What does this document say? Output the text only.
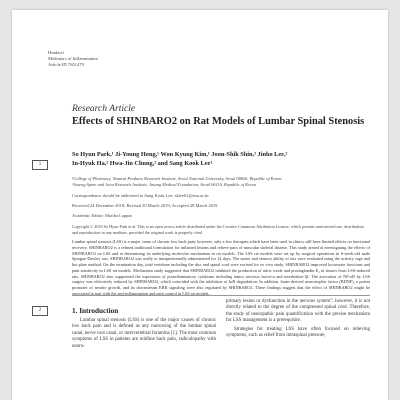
Hindawi
Mediators of Inflammation
Article ID 7651479
1
Research Article
Effects of SHINBARO2 on Rat Models of Lumbar Spinal Stenosis
So Hyun Park,¹ Ji-Young Hong,¹ Won Kyung Kim,¹ Joon-Shik Shin,² Jinho Lee,²
In-Hyuk Ha,² Hwa-Jin Chung,² and Sang Kook Lee¹
¹College of Pharmacy, Natural Products Research Institute, Seoul National University, Seoul 08826, Republic of Korea
²Jaseng Spine and Joint Research Institute, Jaseng Medical Foundation, Seoul 06110, Republic of Korea
Correspondence should be addressed to Sang Kook Lee; sklee61@snu.ac.kr
Received 24 December 2018; Revised 20 March 2019; Accepted 28 March 2019
Academic Editor: Martha Lappas
Copyright © 2019 So Hyun Park et al. This is an open access article distributed under the Creative Commons Attribution License, which permits unrestricted use, distribution, and reproduction in any medium, provided the original work is properly cited.
Lumbar spinal stenosis (LSS) is a major cause of chronic low back pain; however, only a few therapies which have been used in clinics still have limited effects on functional recovery. SHINBARO2 is a refined traditional formulation for inflamed lesions and relieve pain of muscular skeletal disease. This study aimed at investigating the effects of SHINBARO2 on LSS and at determining its underlying molecular mechanism in rat models. The LSS rat models were set up by surgical operations in 6-week-old male Sprague-Dawley rats. SHINBARO2 was orally or intraperitoneally administered for 14 days. The motor and sensory ability of rats were evaluated using the activity cage and hot plate method. On the termination day, total vertebrae including the disc and spinal cord were excised for ex vivo study. SHINBARO2 improved locomotor functions and pain sensitivity in LSS rat models. Mechanism study suggested that SHINBARO2 inhibited the production of nitric oxide and prostaglandin E₂ in tissues from LSS-induced rats. SHINBARO2 also suppressed the expression of proinflammatory cytokines including tumor necrosis factor-α and interleukin-1β. The activation of NF-κB by LSS surgery was effectively reduced by SHINBARO2, which coincided with the inhibition of IκB degradation. In addition, brain-derived neurotrophic factor (BDNF), a potent promoter of neurite growth, and its downstream ERK signaling were also regulated by SHINBARO2. These findings suggest that the effect of SHINBARO2 might be associated in part with the anti-inflammation and pain control in LSS rat models.
2	1. Introduction

Lumbar spinal stenosis (LSS) is one of the major causes of chronic low back pain and is defined as any narrowing of the lumbar spinal canal, nerve root canal, or intervertebral foramina [1]. The most common symptoms of LSS in patients are midline back pain, radiculopathy with neuro-

primary lesion or dysfunction in the nervous system"; however, it is not directly related to the degree of the compressed spinal cord. Therefore, the study of neuropathic pain quantification with the precise mechanism for LSS management is a prerequisite.

Strategies for treating LSS have often focused on relieving symptoms, such as relief from intraspinal pressure,
